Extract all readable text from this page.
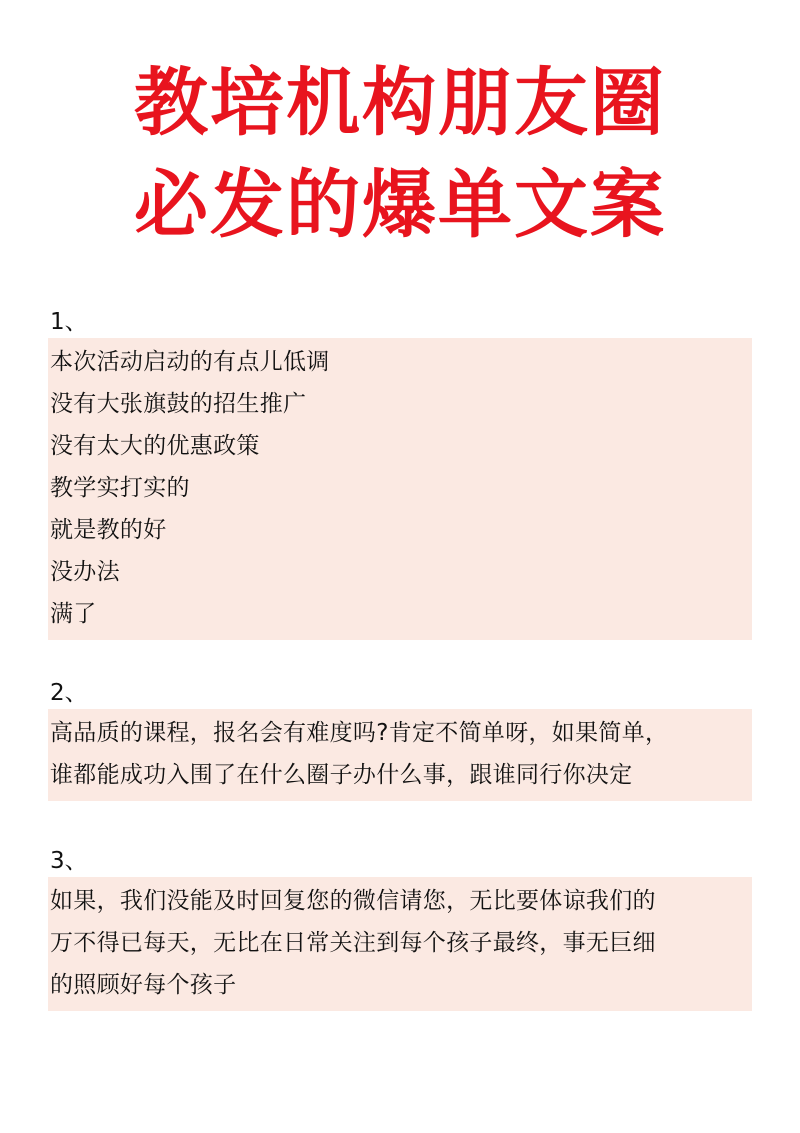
教培机构朋友圈
必发的爆单文案
1、
本次活动启动的有点儿低调
没有大张旗鼓的招生推广
没有太大的优惠政策
教学实打实的
就是教的好
没办法
满了
2、
高品质的课程，报名会有难度吗?肯定不简单呀，如果简单，
谁都能成功入围了在什么圈子办什么事，跟谁同行你决定
3、
如果，我们没能及时回复您的微信请您，无比要体谅我们的
万不得已每天，无比在日常关注到每个孩子最终，事无巨细
的照顾好每个孩子
